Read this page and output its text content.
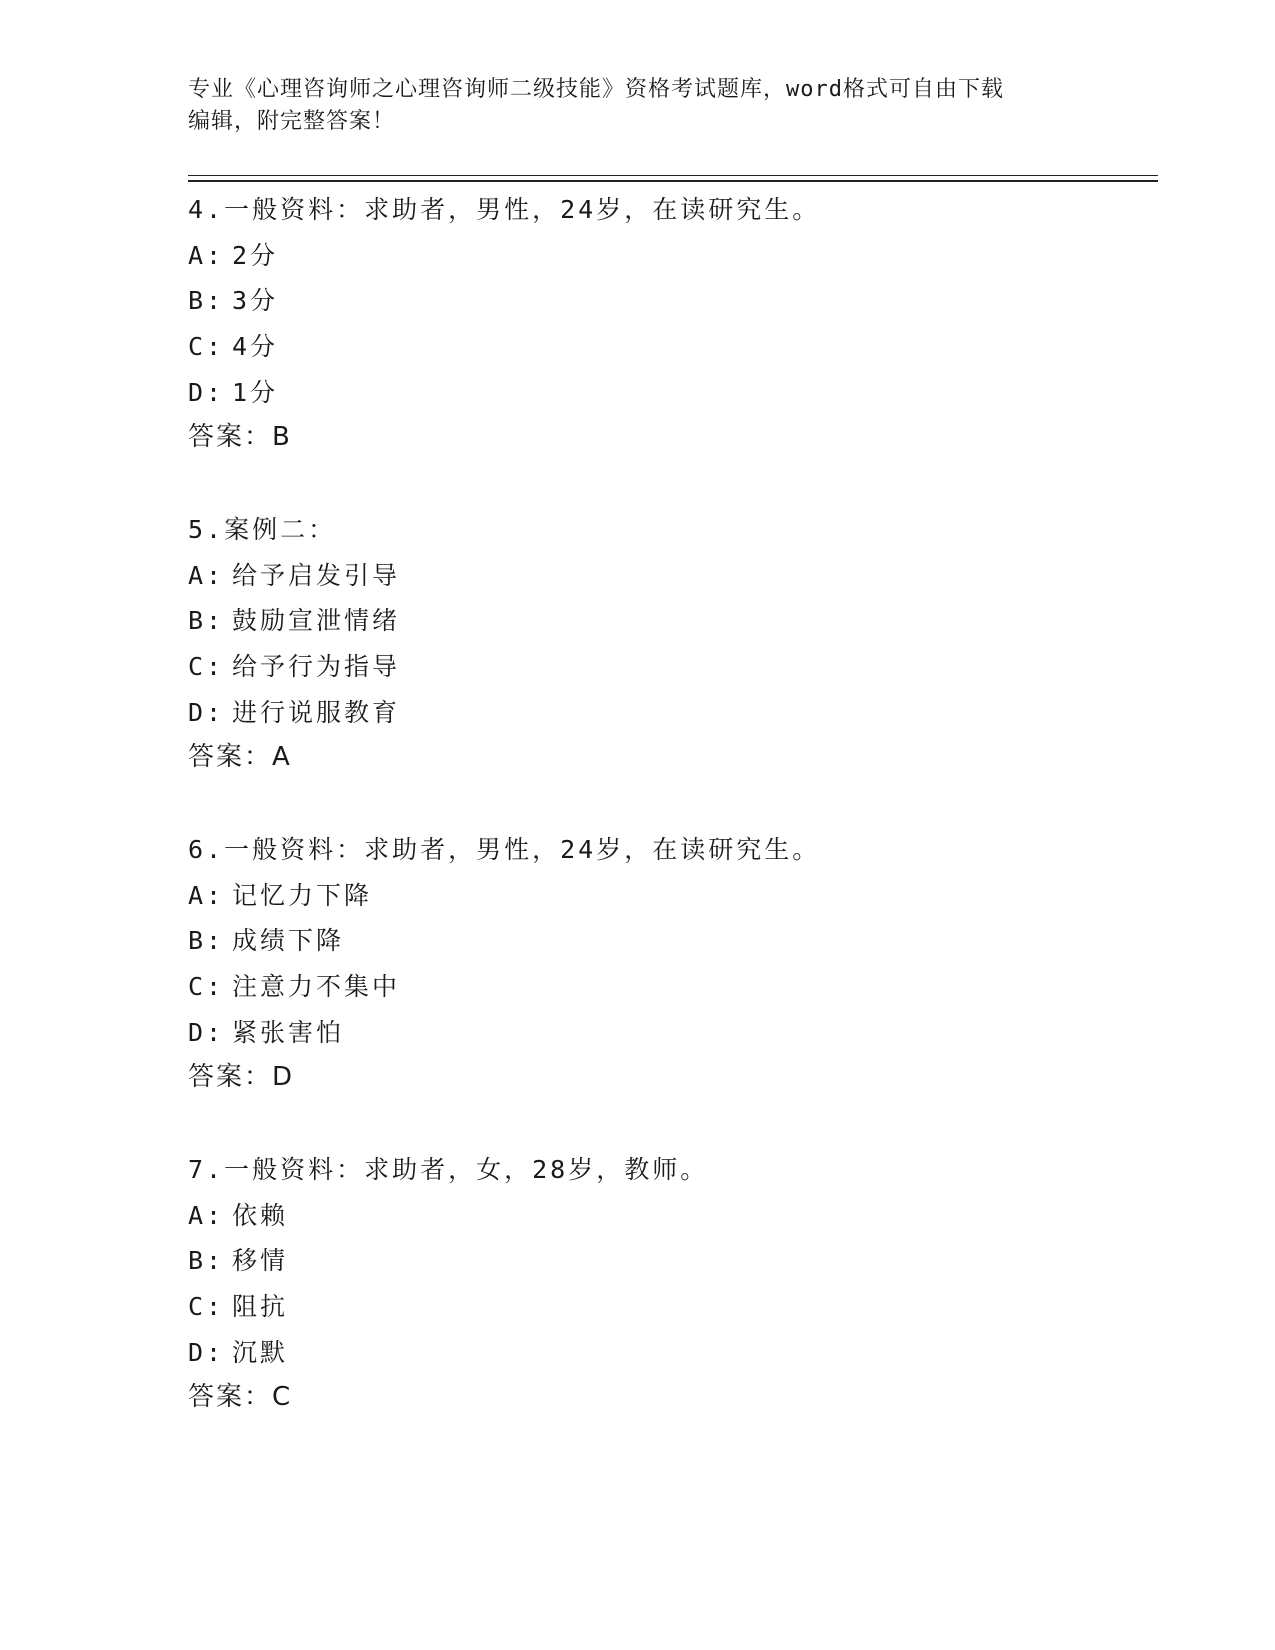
专业《心理咨询师之心理咨询师二级技能》资格考试题库，word格式可自由下载
编辑，附完整答案！
4.一般资料：求助者，男性，24岁，在读研究生。
A: 2分
B: 3分
C: 4分
D: 1分
答案：B
5.案例二：
A: 给予启发引导
B: 鼓励宣泄情绪
C: 给予行为指导
D: 进行说服教育
答案：A
6.一般资料：求助者，男性，24岁，在读研究生。
A: 记忆力下降
B: 成绩下降
C: 注意力不集中
D: 紧张害怕
答案：D
7.一般资料：求助者，女，28岁，教师。
A: 依赖
B: 移情
C: 阻抗
D: 沉默
答案：C
